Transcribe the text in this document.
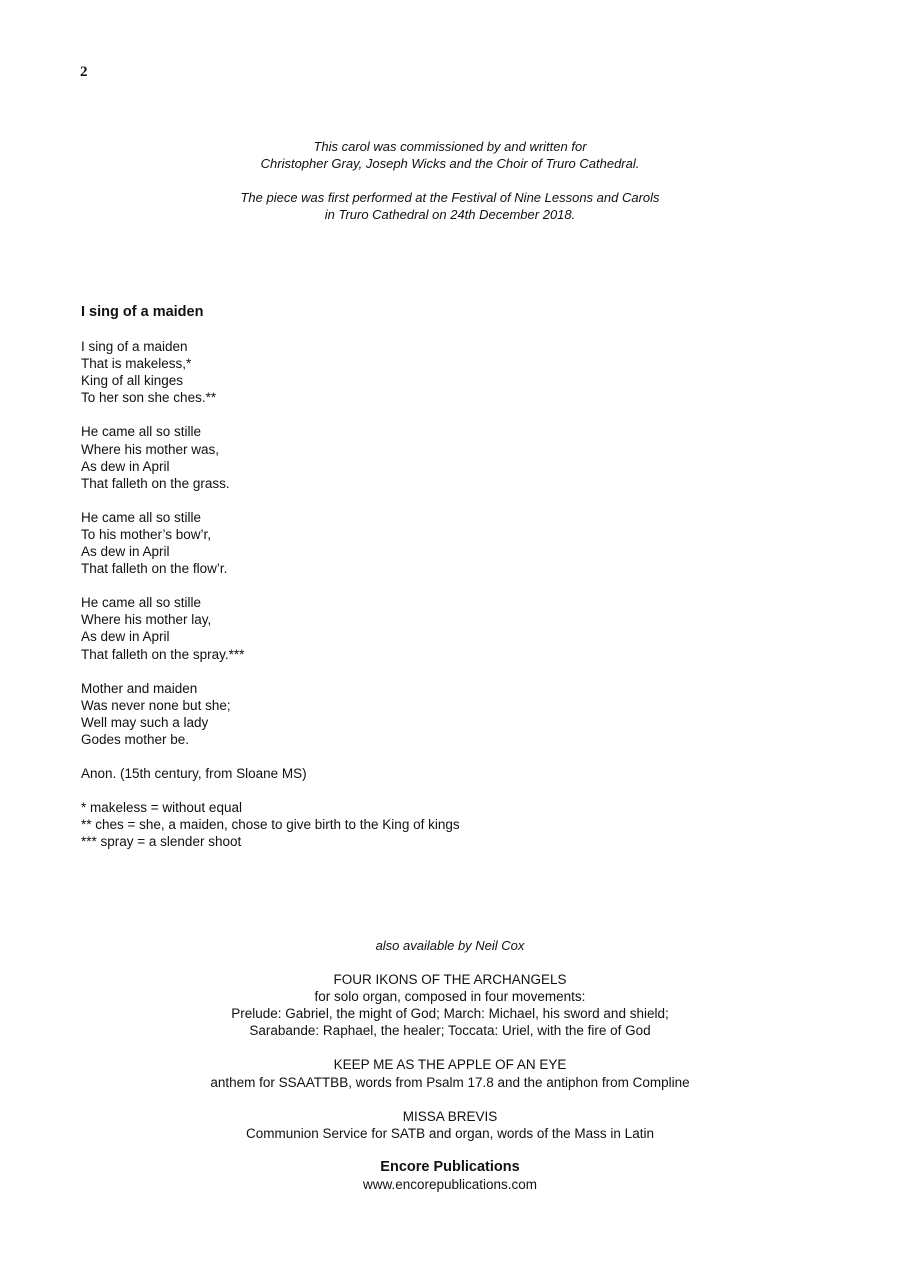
2
This carol was commissioned by and written for
Christopher Gray, Joseph Wicks and the Choir of Truro Cathedral.
The piece was first performed at the Festival of Nine Lessons and Carols
in Truro Cathedral on 24th December 2018.
I sing of a maiden
I sing of a maiden
That is makeless,*
King of all kinges
To her son she ches.**
He came all so stille
Where his mother was,
As dew in April
That falleth on the grass.
He came all so stille
To his mother’s bow’r,
As dew in April
That falleth on the flow’r.
He came all so stille
Where his mother lay,
As dew in April
That falleth on the spray.***
Mother and maiden
Was never none but she;
Well may such a lady
Godes mother be.
Anon. (15th century, from Sloane MS)
* makeless = without equal
** ches = she, a maiden, chose to give birth to the King of kings
*** spray = a slender shoot
also available by Neil Cox
FOUR IKONS OF THE ARCHANGELS
for solo organ, composed in four movements:
Prelude: Gabriel, the might of God; March: Michael, his sword and shield;
Sarabande: Raphael, the healer; Toccata: Uriel, with the fire of God
KEEP ME AS THE APPLE OF AN EYE
anthem for SSAATTBB, words from Psalm 17.8 and the antiphon from Compline
MISSA BREVIS
Communion Service for SATB and organ, words of the Mass in Latin
Encore Publications
www.encorepublications.com
